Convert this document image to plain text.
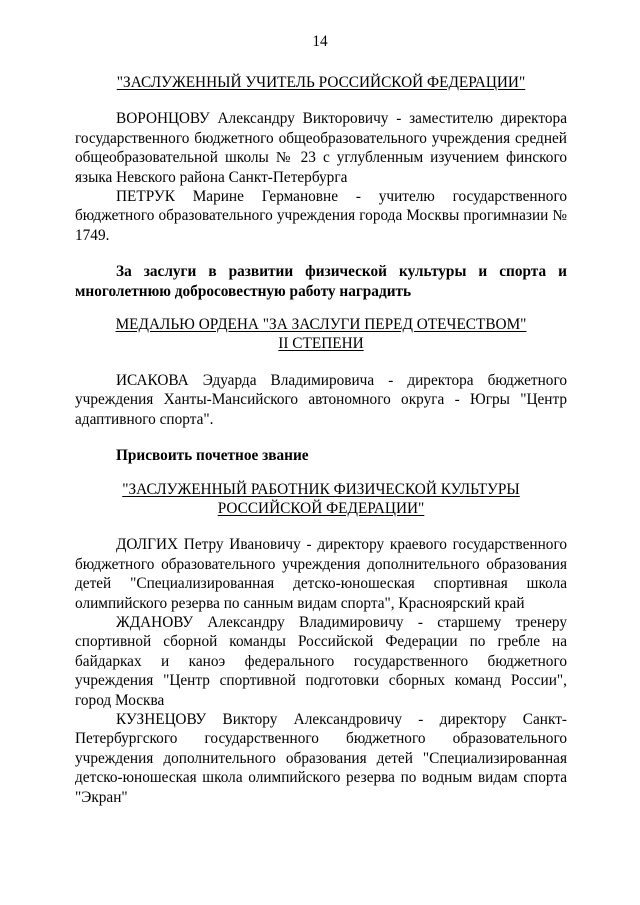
14

"ЗАСЛУЖЕННЫЙ УЧИТЕЛЬ РОССИЙСКОЙ ФЕДЕРАЦИИ"

ВОРОНЦОВУ Александру Викторовичу - заместителю директора государственного бюджетного общеобразовательного учреждения средней общеобразовательной школы № 23 с углубленным изучением финского языка Невского района Санкт-Петербурга

ПЕТРУК Марине Германовне - учителю государственного бюджетного образовательного учреждения города Москвы прогимназии № 1749.

За заслуги в развитии физической культуры и спорта и многолетнюю добросовестную работу наградить

МЕДАЛЬЮ ОРДЕНА "ЗА ЗАСЛУГИ ПЕРЕД ОТЕЧЕСТВОМ"

II СТЕПЕНИ

ИСАКОВА Эдуарда Владимировича - директора бюджетного учреждения Ханты-Мансийского автономного округа - Югры "Центр адаптивного спорта".

Присвоить почетное звание

"ЗАСЛУЖЕННЫЙ РАБОТНИК ФИЗИЧЕСКОЙ КУЛЬТУРЫ

РОССИЙСКОЙ ФЕДЕРАЦИИ"

ДОЛГИХ Петру Ивановичу - директору краевого государственного бюджетного образовательного учреждения дополнительного образования детей "Специализированная детско-юношеская спортивная школа олимпийского резерва по санным видам спорта", Красноярский край

ЖДАНОВУ Александру Владимировичу - старшему тренеру спортивной сборной команды Российской Федерации по гребле на байдарках и каноэ федерального государственного бюджетного учреждения "Центр спортивной подготовки сборных команд России", город Москва

КУЗНЕЦОВУ Виктору Александровичу - директору Санкт-Петербургского государственного бюджетного образовательного учреждения дополнительного образования детей "Специализированная детско-юношеская школа олимпийского резерва по водным видам спорта "Экран"
